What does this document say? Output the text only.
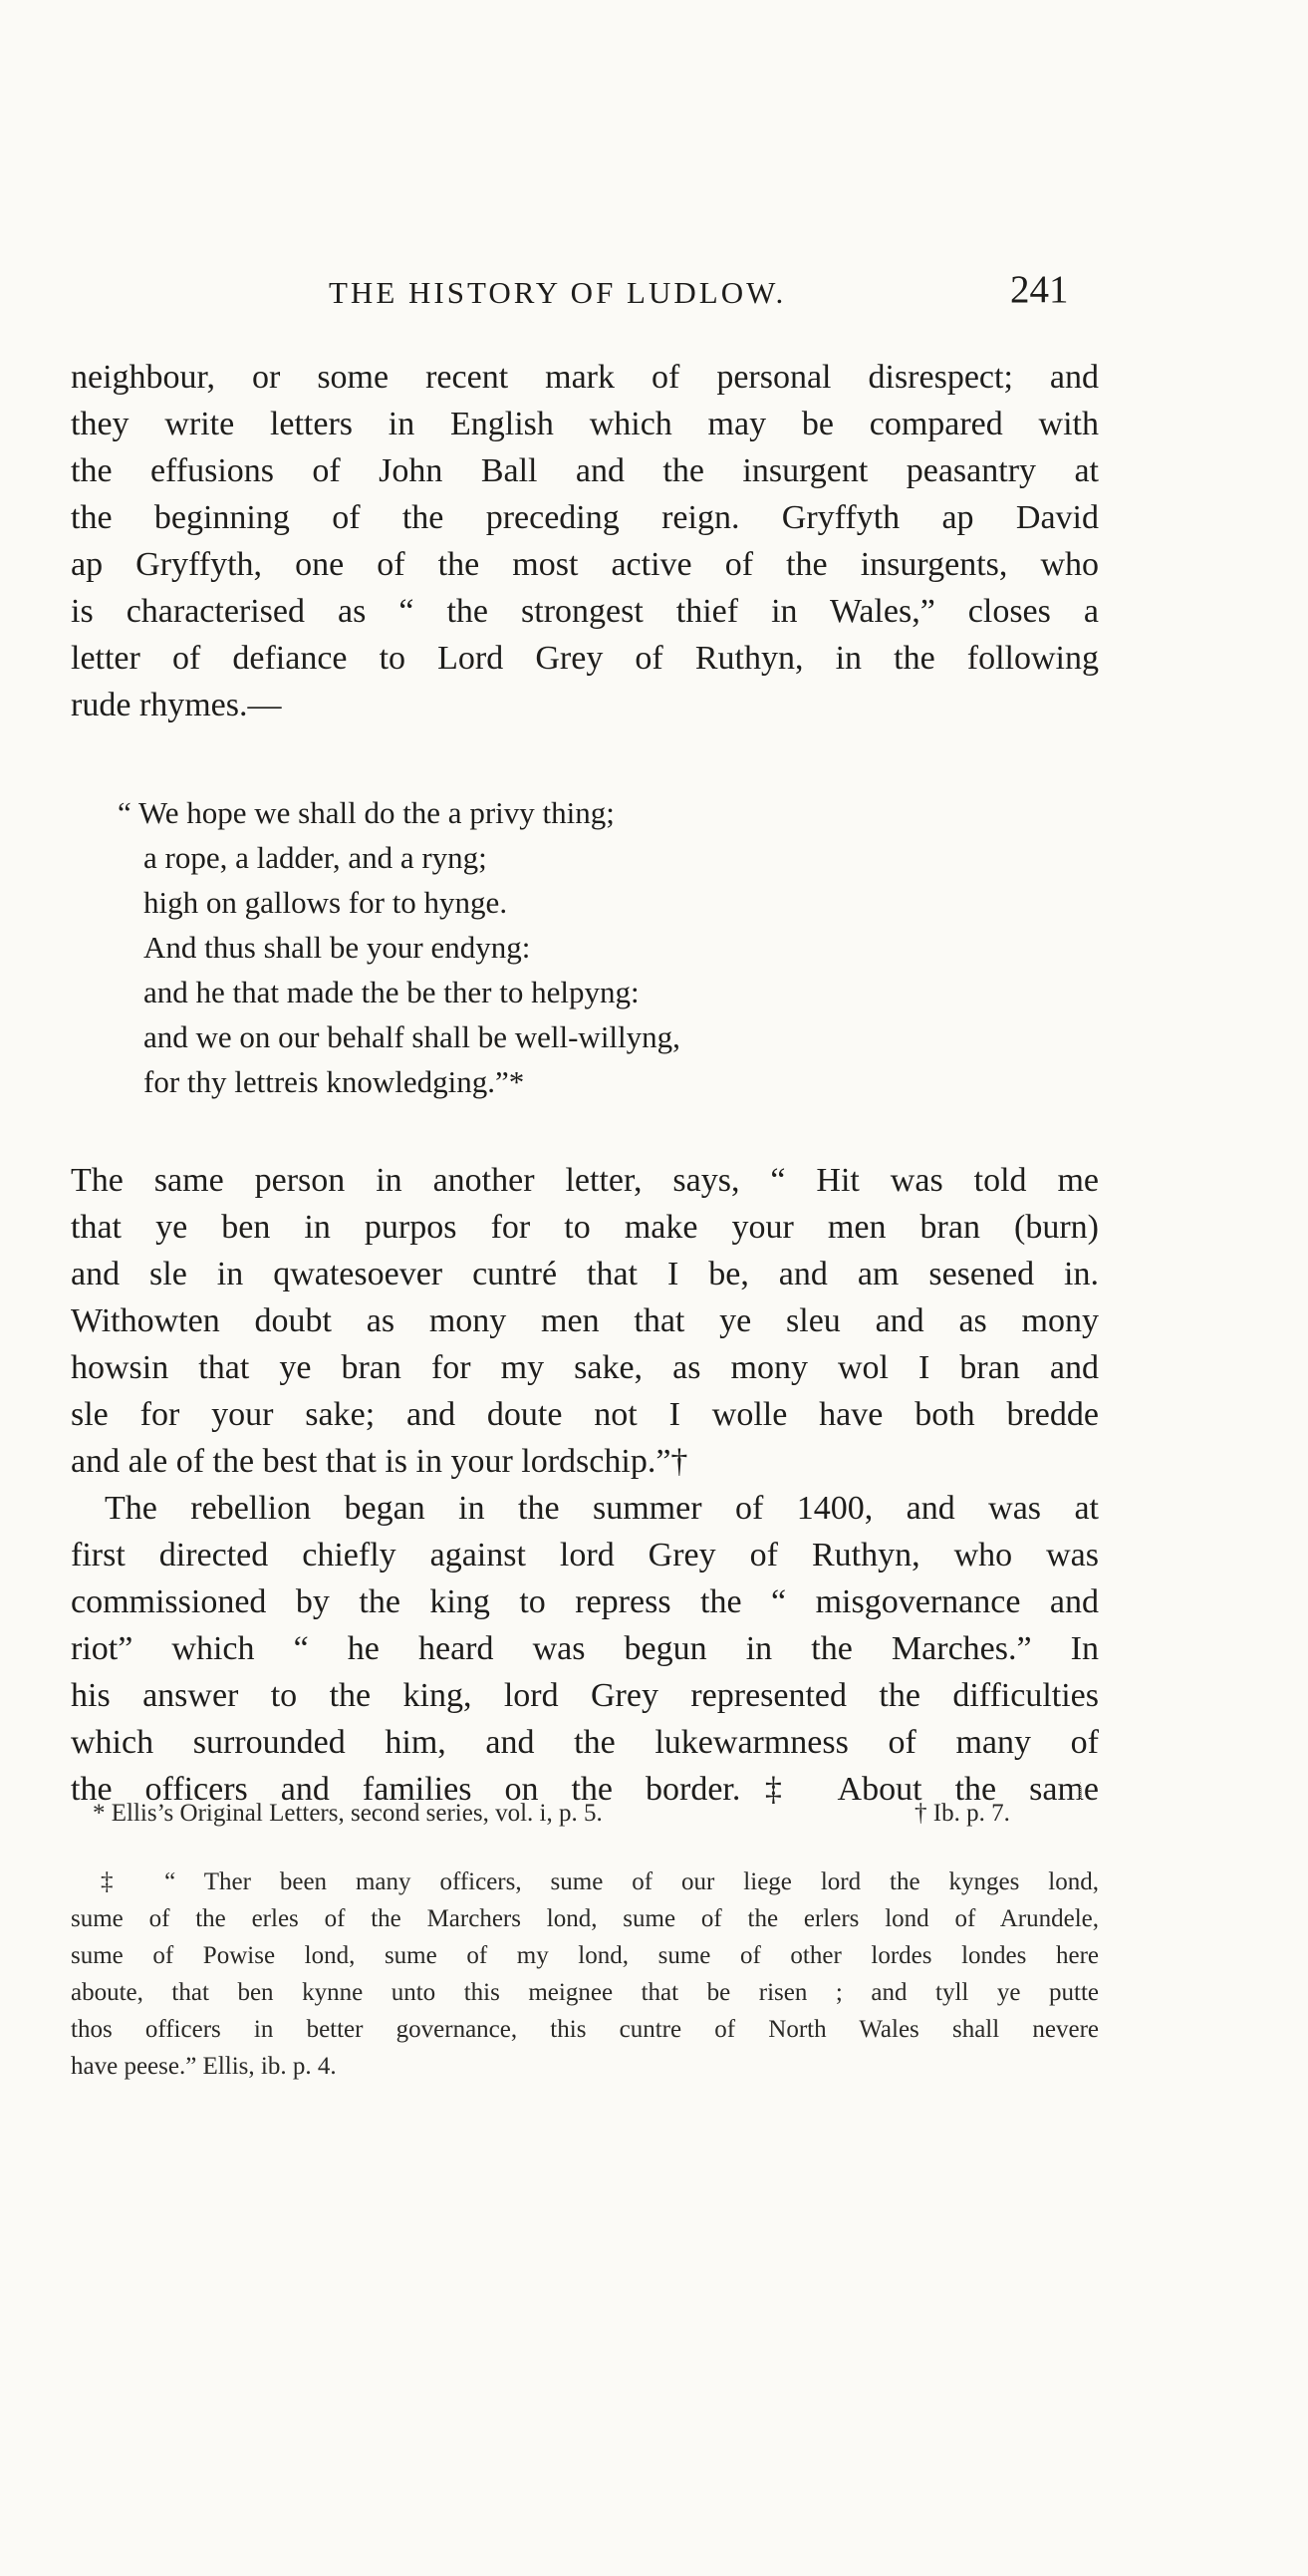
THE HISTORY OF LUDLOW.	241
neighbour, or some recent mark of personal disrespect; and
they write letters in English which may be compared with
the effusions of John Ball and the insurgent peasantry at
the beginning of the preceding reign. Gryffyth ap David
ap Gryffyth, one of the most active of the insurgents, who
is characterised as “ the strongest thief in Wales,” closes a
letter of defiance to Lord Grey of Ruthyn, in the following
rude rhymes.—
“ We hope we shall do the a privy thing;
a rope, a ladder, and a ryng;
high on gallows for to hynge.
And thus shall be your endyng:
and he that made the be ther to helpyng:
and we on our behalf shall be well-willyng,
for thy lettreis knowledging.”*
The same person in another letter, says, “ Hit was told me
that ye ben in purpos for to make your men bran (burn)
and sle in qwatesoever cuntré that I be, and am sesened in.
Withowten doubt as mony men that ye sleu and as mony
howsin that ye bran for my sake, as mony wol I bran and
sle for your sake; and doute not I wolle have both bredde
and ale of the best that is in your lordschip.”†
The rebellion began in the summer of 1400, and was at
first directed chiefly against lord Grey of Ruthyn, who was
commissioned by the king to repress the “ misgovernance and
riot” which “ he heard was begun in the Marches.” In
his answer to the king, lord Grey represented the difficulties
which surrounded him, and the lukewarmness of many of
the officers and families on the border.‡ About the same
* Ellis’s Original Letters, second series, vol. i, p. 5.	† Ib. p. 7.
‡ “ Ther been many officers, sume of our liege lord the kynges lond,
sume of the erles of the Marchers lond, sume of the erlers lond of Arundele,
sume of Powise lond, sume of my lond, sume of other lordes londes here
aboute, that ben kynne unto this meignee that be risen ; and tyll ye putte
thos officers in better governance, this cuntre of North Wales shall nevere
have peese.” Ellis, ib. p. 4.
